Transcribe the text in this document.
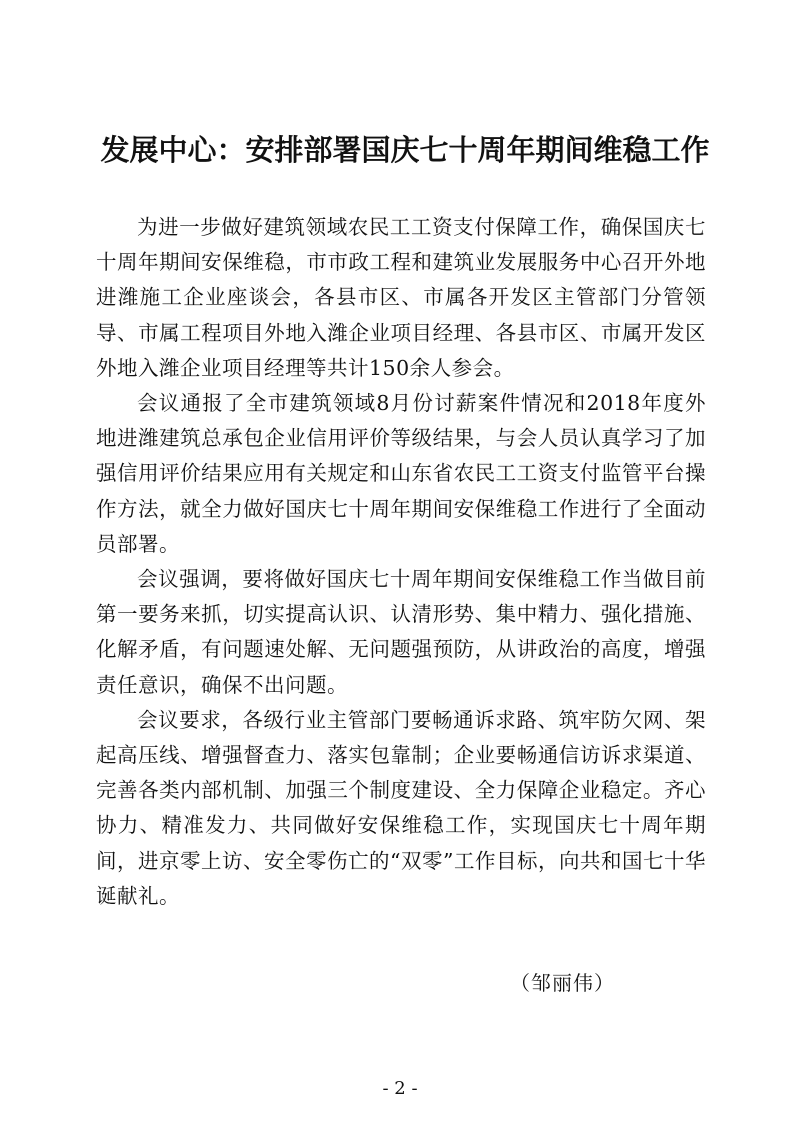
发展中心：安排部署国庆七十周年期间维稳工作

为进一步做好建筑领域农民工工资支付保障工作，确保国庆七十周年期间安保维稳，市市政工程和建筑业发展服务中心召开外地进潍施工企业座谈会，各县市区、市属各开发区主管部门分管领导、市属工程项目外地入潍企业项目经理、各县市区、市属开发区外地入潍企业项目经理等共计150余人参会。

会议通报了全市建筑领域8月份讨薪案件情况和2018年度外地进潍建筑总承包企业信用评价等级结果，与会人员认真学习了加强信用评价结果应用有关规定和山东省农民工工资支付监管平台操作方法，就全力做好国庆七十周年期间安保维稳工作进行了全面动员部署。

会议强调，要将做好国庆七十周年期间安保维稳工作当做目前第一要务来抓，切实提高认识、认清形势、集中精力、强化措施、化解矛盾，有问题速处解、无问题强预防，从讲政治的高度，增强责任意识，确保不出问题。

会议要求，各级行业主管部门要畅通诉求路、筑牢防欠网、架起高压线、增强督查力、落实包靠制；企业要畅通信访诉求渠道、完善各类内部机制、加强三个制度建设、全力保障企业稳定。齐心协力、精准发力、共同做好安保维稳工作，实现国庆七十周年期间，进京零上访、安全零伤亡的“双零”工作目标，向共和国七十华诞献礼。

（邹丽伟）
- 2 -
